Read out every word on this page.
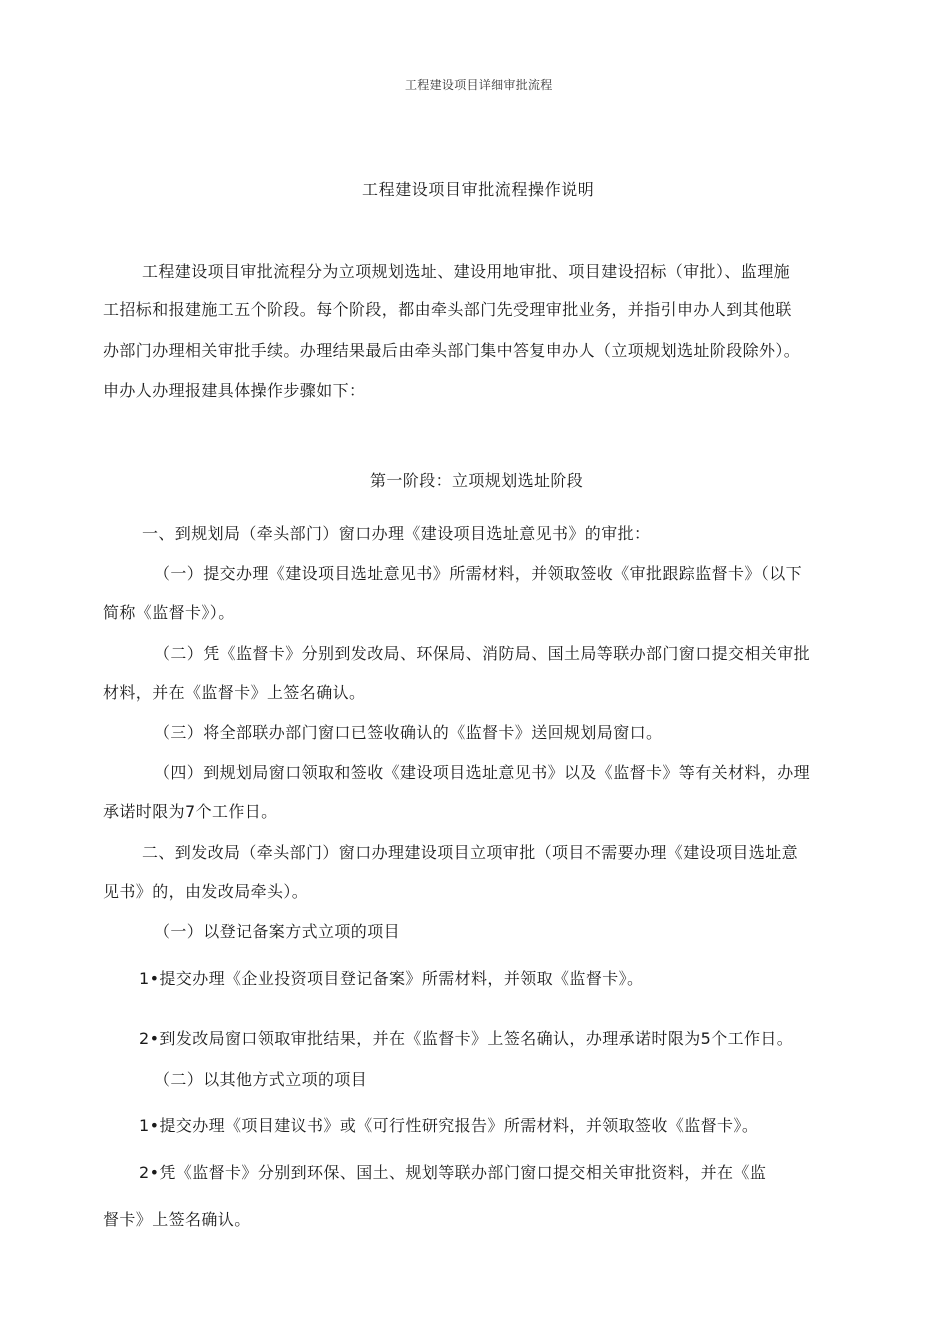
工程建设项目详细审批流程
工程建设项目审批流程操作说明
工程建设项目审批流程分为立项规划选址、建设用地审批、项目建设招标（审批）、监理施
工招标和报建施工五个阶段。每个阶段，都由牵头部门先受理审批业务，并指引申办人到其他联
办部门办理相关审批手续。办理结果最后由牵头部门集中答复申办人（立项规划选址阶段除外）。
申办人办理报建具体操作步骤如下：
第一阶段：立项规划选址阶段
一、到规划局（牵头部门）窗口办理《建设项目选址意见书》的审批：
（一）提交办理《建设项目选址意见书》所需材料，并领取签收《审批跟踪监督卡》（以下
简称《监督卡》）。
（二）凭《监督卡》分别到发改局、环保局、消防局、国土局等联办部门窗口提交相关审批
材料，并在《监督卡》上签名确认。
（三）将全部联办部门窗口已签收确认的《监督卡》送回规划局窗口。
（四）到规划局窗口领取和签收《建设项目选址意见书》以及《监督卡》等有关材料，办理
承诺时限为7个工作日。
二、到发改局（牵头部门）窗口办理建设项目立项审批（项目不需要办理《建设项目选址意
见书》的，由发改局牵头）。
（一）以登记备案方式立项的项目
1•提交办理《企业投资项目登记备案》所需材料，并领取《监督卡》。
2•到发改局窗口领取审批结果，并在《监督卡》上签名确认，办理承诺时限为5个工作日。
（二）以其他方式立项的项目
1•提交办理《项目建议书》或《可行性研究报告》所需材料，并领取签收《监督卡》。
2•凭《监督卡》分别到环保、国土、规划等联办部门窗口提交相关审批资料，并在《监
督卡》上签名确认。
